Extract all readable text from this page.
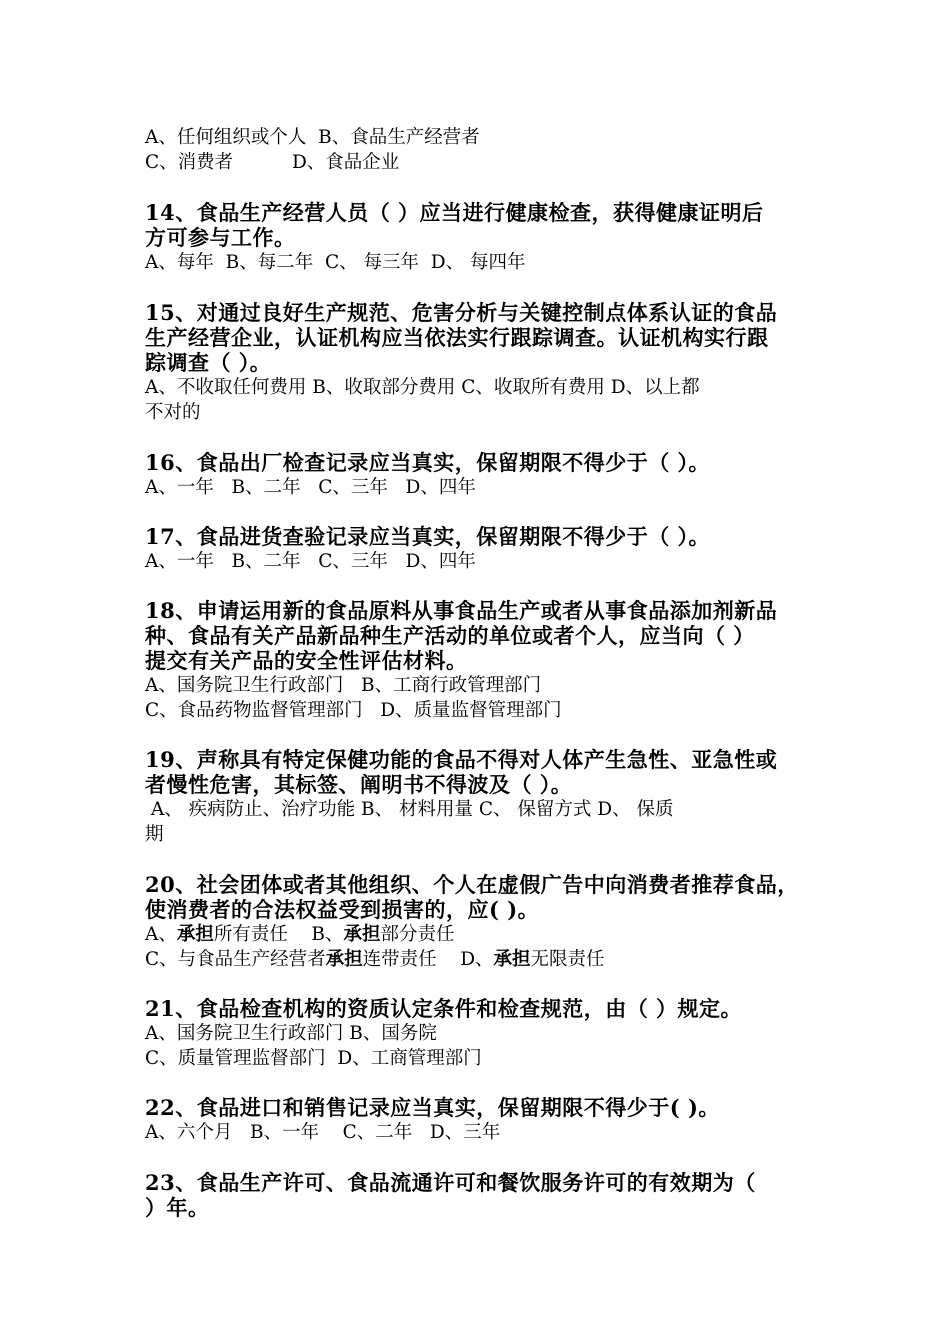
A、任何组织或个人  B、食品生产经营者

C、消费者          D、食品企业

14、食品生产经营人员（ ）应当进行健康检查，获得健康证明后

方可参与工作。

A、每年  B、每二年  C、 每三年  D、 每四年

15、对通过良好生产规范、危害分析与关键控制点体系认证的食品

生产经营企业，认证机构应当依法实行跟踪调查。认证机构实行跟

踪调查（ ）。

A、不收取任何费用 B、收取部分费用 C、收取所有费用 D、以上都

不对的

16、食品出厂检查记录应当真实，保留期限不得少于（ ）。

A、一年   B、二年   C、三年   D、四年

17、食品进货查验记录应当真实，保留期限不得少于（ ）。

A、一年   B、二年   C、三年   D、四年

18、申请运用新的食品原料从事食品生产或者从事食品添加剂新品

种、食品有关产品新品种生产活动的单位或者个人，应当向（ ）

提交有关产品的安全性评估材料。

A、国务院卫生行政部门   B、工商行政管理部门

C、食品药物监督管理部门   D、质量监督管理部门

19、声称具有特定保健功能的食品不得对人体产生急性、亚急性或

者慢性危害，其标签、阐明书不得波及（ ）。

A、 疾病防止、治疗功能 B、 材料用量 C、 保留方式 D、 保质

期

20、社会团体或者其他组织、个人在虚假广告中向消费者推荐食品，

使消费者的合法权益受到损害的，应( )。

A、承担所有责任    B、承担部分责任

C、与食品生产经营者承担连带责任    D、承担无限责任

21、食品检查机构的资质认定条件和检查规范，由（ ）规定。

A、国务院卫生行政部门 B、国务院

C、质量管理监督部门  D、工商管理部门

22、食品进口和销售记录应当真实，保留期限不得少于( )。

A、六个月   B、一年    C、二年   D、三年

23、食品生产许可、食品流通许可和餐饮服务许可的有效期为（

）年。
